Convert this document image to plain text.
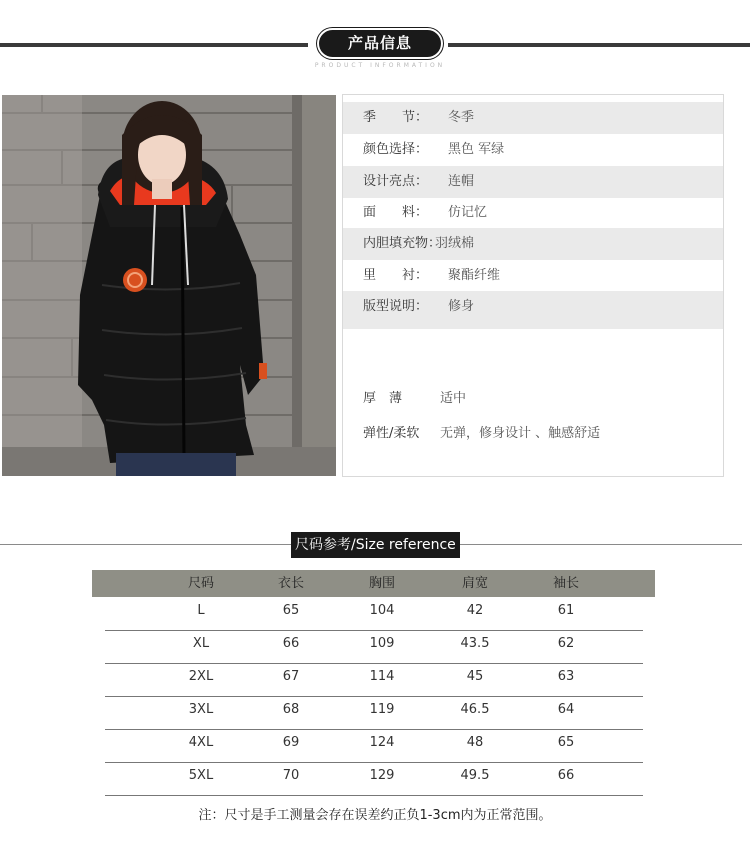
产品信息
PRODUCT INFORMATION
季　　节： 冬季
颜色选择： 黑色 军绿
设计亮点： 连帽
面　　料： 仿记忆
内胆填充物：
羽绒棉
里　　衬： 聚酯纤维
版型说明： 修身
厚　薄	适中
弹性/柔软 无弹，修身设计 、触感舒适
尺码参考/Size reference
尺码	衣长	胸围	肩宽	袖长
L	65	104	42	61
XL	66	109	43.5	62
2XL	67	114	45	63
3XL	68	119	46.5	64
4XL	69	124	48	65
5XL	70	129	49.5	66
注：尺寸是手工测量会存在误差约正负1-3cm内为正常范围。
